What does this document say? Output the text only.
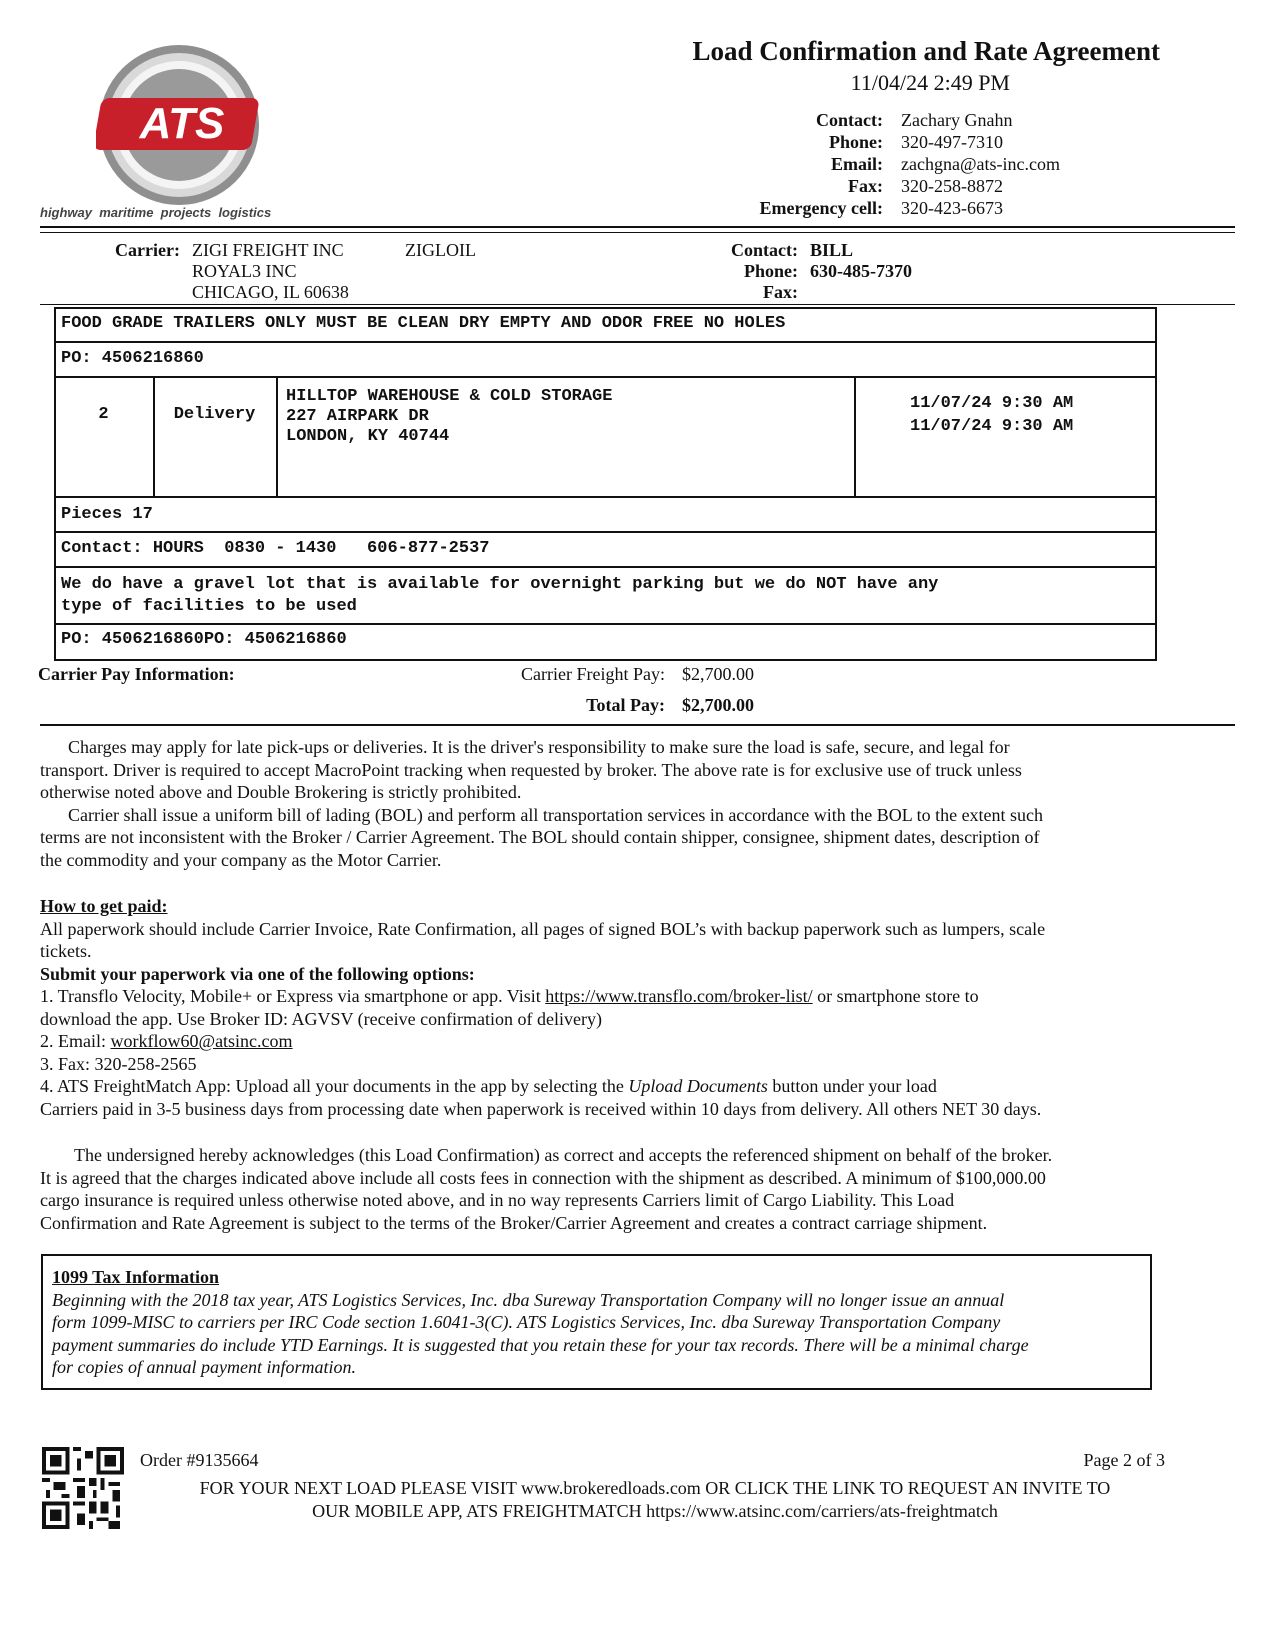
ATS
highway  maritime  projects  logistics
Load Confirmation and Rate Agreement
11/04/24 2:49 PM
Contact:	Zachary Gnahn
Phone:	320-497-7310
Email:	zachgna@ats-inc.com
Fax:	320-258-8872
Emergency cell:	320-423-6673
Carrier: ZIGI FREIGHT INC	ZIGLOIL
ROYAL3 INC
CHICAGO, IL 60638
Contact: BILL
Phone: 630-485-7370
Fax:
FOOD GRADE TRAILERS ONLY MUST BE CLEAN DRY EMPTY AND ODOR FREE NO HOLES
PO: 4506216860
2	Delivery
HILLTOP WAREHOUSE & COLD STORAGE
227 AIRPARK DR
LONDON, KY 40744
11/07/24 9:30 AM
11/07/24 9:30 AM
Pieces 17
Contact: HOURS  0830 - 1430   606-877-2537
We do have a gravel lot that is available for overnight parking but we do NOT have any
type of facilities to be used
PO: 4506216860PO: 4506216860
Carrier Pay Information:	Carrier Freight Pay: $2,700.00
Total Pay: $2,700.00

Charges may apply for late pick-ups or deliveries. It is the driver's responsibility to make sure the load is safe, secure, and legal for

transport. Driver is required to accept MacroPoint tracking when requested by broker. The above rate is for exclusive use of truck unless

otherwise noted above and Double Brokering is strictly prohibited.

Carrier shall issue a uniform bill of lading (BOL) and perform all transportation services in accordance with the BOL to the extent such

terms are not inconsistent with the Broker / Carrier Agreement. The BOL should contain shipper, consignee, shipment dates, description of

the commodity and your company as the Motor Carrier.

How to get paid:

All paperwork should include Carrier Invoice, Rate Confirmation, all pages of signed BOL’s with backup paperwork such as lumpers, scale

tickets.

Submit your paperwork via one of the following options:

1. Transflo Velocity, Mobile+ or Express via smartphone or app. Visit https://www.transflo.com/broker-list/ or smartphone store to

download the app. Use Broker ID: AGVSV (receive confirmation of delivery)

2. Email: workflow60@atsinc.com

3. Fax: 320-258-2565

4. ATS FreightMatch App: Upload all your documents in the app by selecting the Upload Documents button under your load

Carriers paid in 3-5 business days from processing date when paperwork is received within 10 days from delivery. All others NET 30 days.

The undersigned hereby acknowledges (this Load Confirmation) as correct and accepts the referenced shipment on behalf of the broker.

It is agreed that the charges indicated above include all costs fees in connection with the shipment as described. A minimum of $100,000.00

cargo insurance is required unless otherwise noted above, and in no way represents Carriers limit of Cargo Liability. This Load

Confirmation and Rate Agreement is subject to the terms of the Broker/Carrier Agreement and creates a contract carriage shipment.

1099 Tax Information

Beginning with the 2018 tax year, ATS Logistics Services, Inc. dba Sureway Transportation Company will no longer issue an annual

form 1099-MISC to carriers per IRC Code section 1.6041-3(C). ATS Logistics Services, Inc. dba Sureway Transportation Company

payment summaries do include YTD Earnings. It is suggested that you retain these for your tax records. There will be a minimal charge

for copies of annual payment information.

Order #9135664	Page 2 of 3

FOR YOUR NEXT LOAD PLEASE VISIT www.brokeredloads.com OR CLICK THE LINK TO REQUEST AN INVITE TO

OUR MOBILE APP, ATS FREIGHTMATCH https://www.atsinc.com/carriers/ats-freightmatch
